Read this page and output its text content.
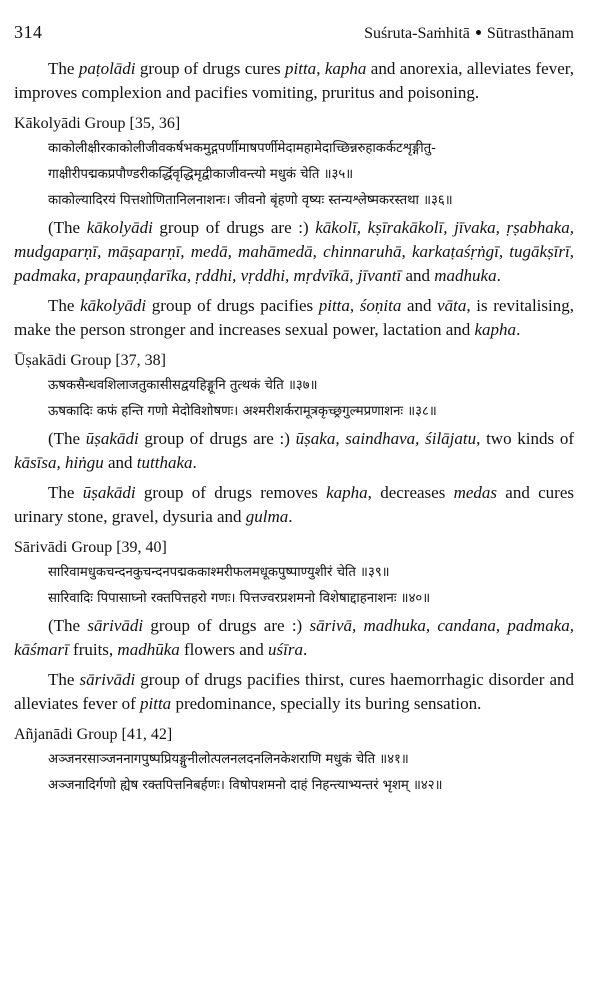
314	Suśruta-Saṁhitā Sūtrasthānam

The paṭolādi group of drugs cures pitta, kapha and anorexia, alleviates fever, improves complexion and pacifies vomiting, pruritus and poisoning.

Kākolyādi Group [35, 36]
काकोलीक्षीरकाकोलीजीवकर्षभकमुद्गपर्णीमाषपर्णीमेदामहामेदाच्छिन्नरुहाकर्कटशृङ्गीतु-
गाक्षीरीपद्मकप्रपौण्डरीकर्द्धिवृद्धिमृद्वीकाजीवन्त्यो मधुकं चेति ॥३५॥
काकोल्यादिरयं पित्तशोणितानिलनाशनः। जीवनो बृंहणो वृष्यः स्तन्यश्लेष्मकरस्तथा ॥३६॥

(The kākolyādi group of drugs are :) kākolī, kṣīrakākolī, jīvaka, ṛṣabhaka, mudgaparṇī, māṣaparṇī, medā, mahāmedā, chinnaruhā, karkaṭaśṛṅgī, tugākṣīrī, padmaka, prapauṇḍarīka, ṛddhi, vṛddhi, mṛdvīkā, jīvantī and madhuka.

The kākolyādi group of drugs pacifies pitta, śoṇita and vāta, is revitalising, make the person stronger and increases sexual power, lactation and kapha.

Ūṣakādi Group [37, 38]
ऊषकसैन्धवशिलाजतुकासीसद्वयहिङ्गूनि तुत्थकं चेति ॥३७॥
ऊषकादिः कफं हन्ति गणो मेदोविशोषणः। अश्मरीशर्करामूत्रकृच्छ्रगुल्मप्रणाशनः ॥३८॥

(The ūṣakādi group of drugs are :) ūṣaka, saindhava, śilājatu, two kinds of kāsīsa, hiṅgu and tutthaka.

The ūṣakādi group of drugs removes kapha, decreases medas and cures urinary stone, gravel, dysuria and gulma.

Sārivādi Group [39, 40]
सारिवामधुकचन्दनकुचन्दनपद्मककाश्मरीफलमधूकपुष्पाण्युशीरं चेति ॥३९॥
सारिवादिः पिपासाघ्नो रक्तपित्तहरो गणः। पित्तज्वरप्रशमनो विशेषाद्दाहनाशनः ॥४०॥

(The sārivādi group of drugs are :) sārivā, madhuka, candana, padmaka, kāśmarī fruits, madhūka flowers and uśīra.

The sārivādi group of drugs pacifies thirst, cures haemorrhagic disorder and alleviates fever of pitta predominance, specially its buring sensation.

Añjanādi Group [41, 42]
अञ्जनरसाञ्जननागपुष्पप्रियङ्गुनीलोत्पलनलदनलिनकेशराणि मधुकं चेति ॥४१॥
अञ्जनादिर्गणो ह्येष रक्तपित्तनिबर्हणः। विषोपशमनो दाहं निहन्त्याभ्यन्तरं भृशम् ॥४२॥
